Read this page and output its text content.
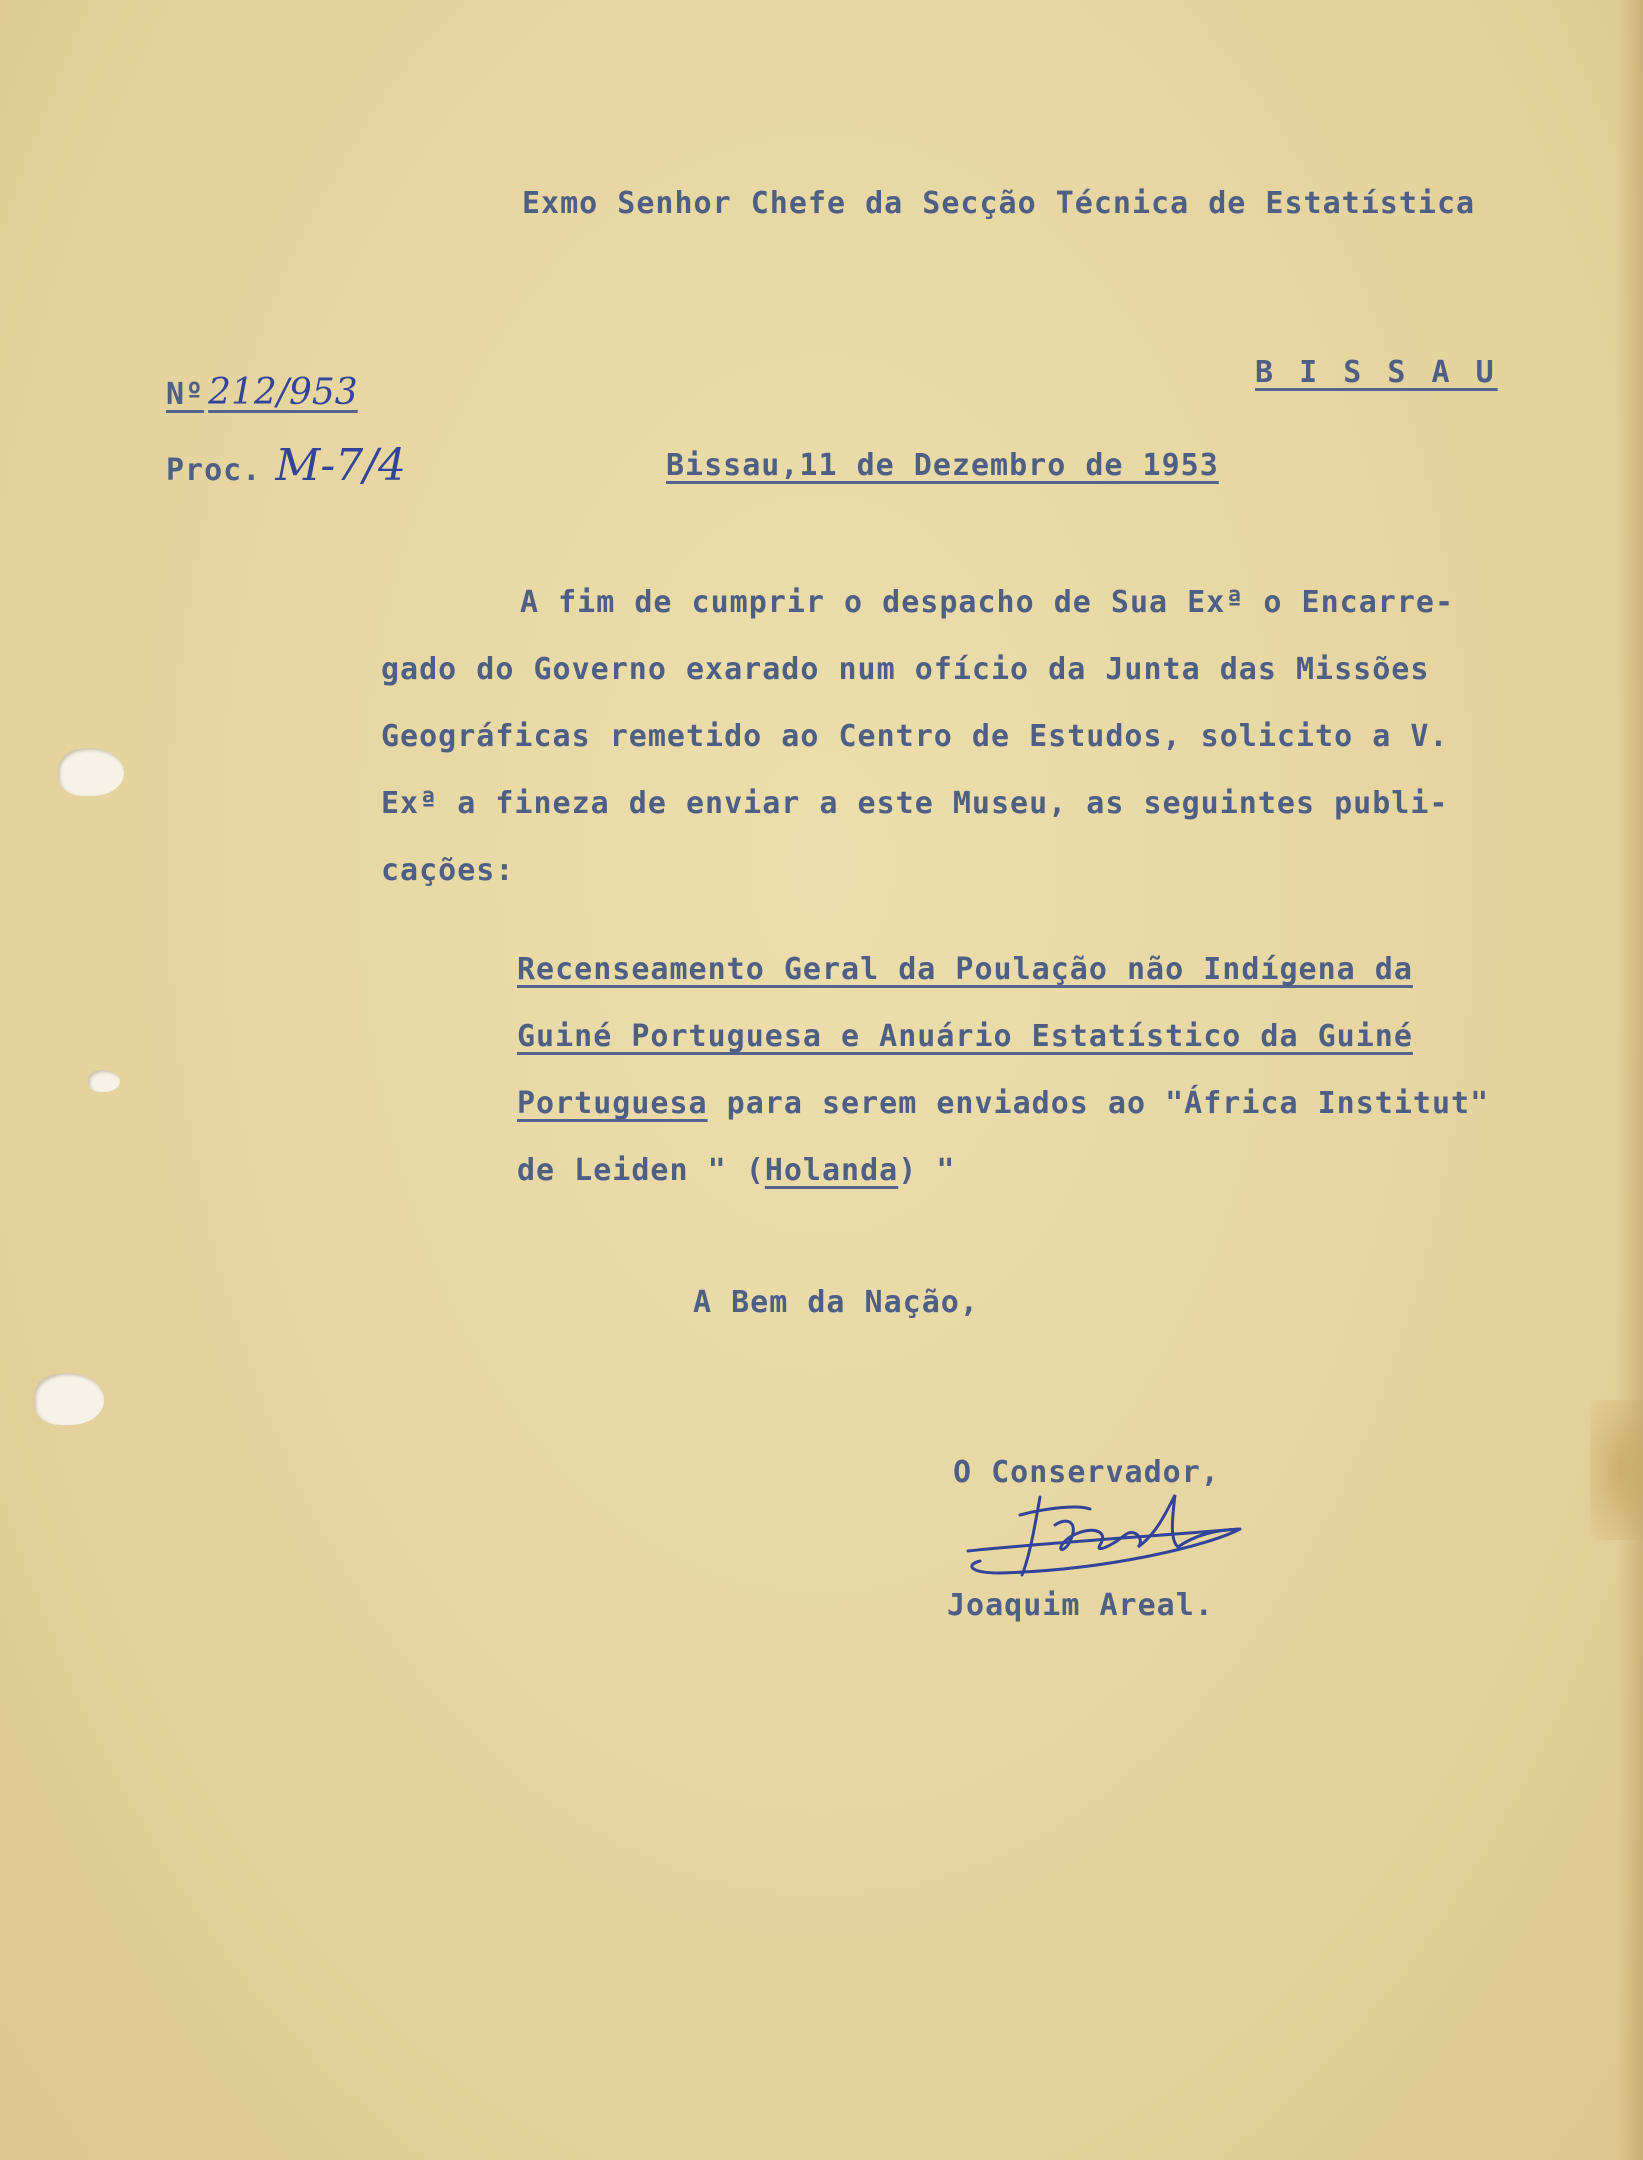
Exmo Senhor Chefe da Secção Técnica de Estatística

B I S S A U

Nº 212/953
Proc. M-7/4	Bissau,11 de Dezembro de 1953

A fim de cumprir o despacho de Sua Exª o Encarre-

gado do Governo exarado num ofício da Junta das Missões

Geográficas remetido ao Centro de Estudos, solicito a V.

Exª a fineza de enviar a este Museu, as seguintes publi-

cações:

Recenseamento Geral da Poulação não Indígena da

Guiné Portuguesa e Anuário Estatístico da Guiné

Portuguesa para serem enviados ao "África Institut"

de Leiden " (Holanda) "

A Bem da Nação,

O Conservador,

Joaquim Areal.
